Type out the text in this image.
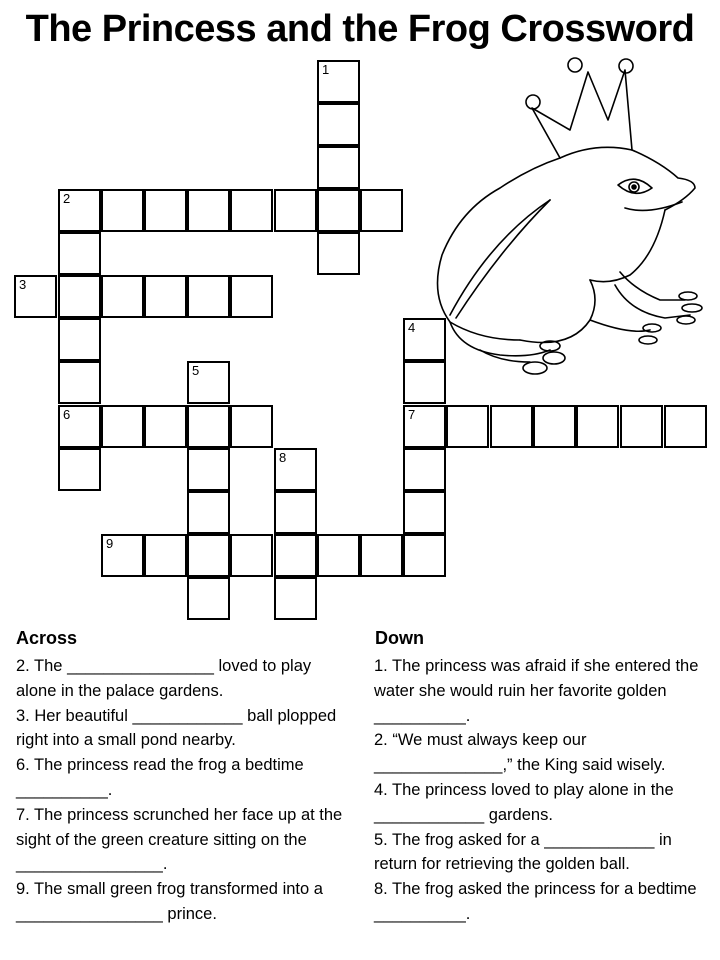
The Princess and the Frog Crossword
1
2
3
6
5
8
9
4
7
Across

2. The ________________ loved to play alone in the palace gardens.

3. Her beautiful ____________ ball plopped right into a small pond nearby.

6. The princess read the frog a bedtime __________.

7. The princess scrunched her face up at the sight of the green creature sitting on the ________________.

9. The small green frog transformed into a ________________ prince.

Down

1. The princess was afraid if she entered the water she would ruin her favorite golden __________.

2. “We must always keep our ______________,” the King said wisely.

4. The princess loved to play alone in the ____________ gardens.

5. The frog asked for a ____________ in return for retrieving the golden ball.

8. The frog asked the princess for a bedtime __________.
